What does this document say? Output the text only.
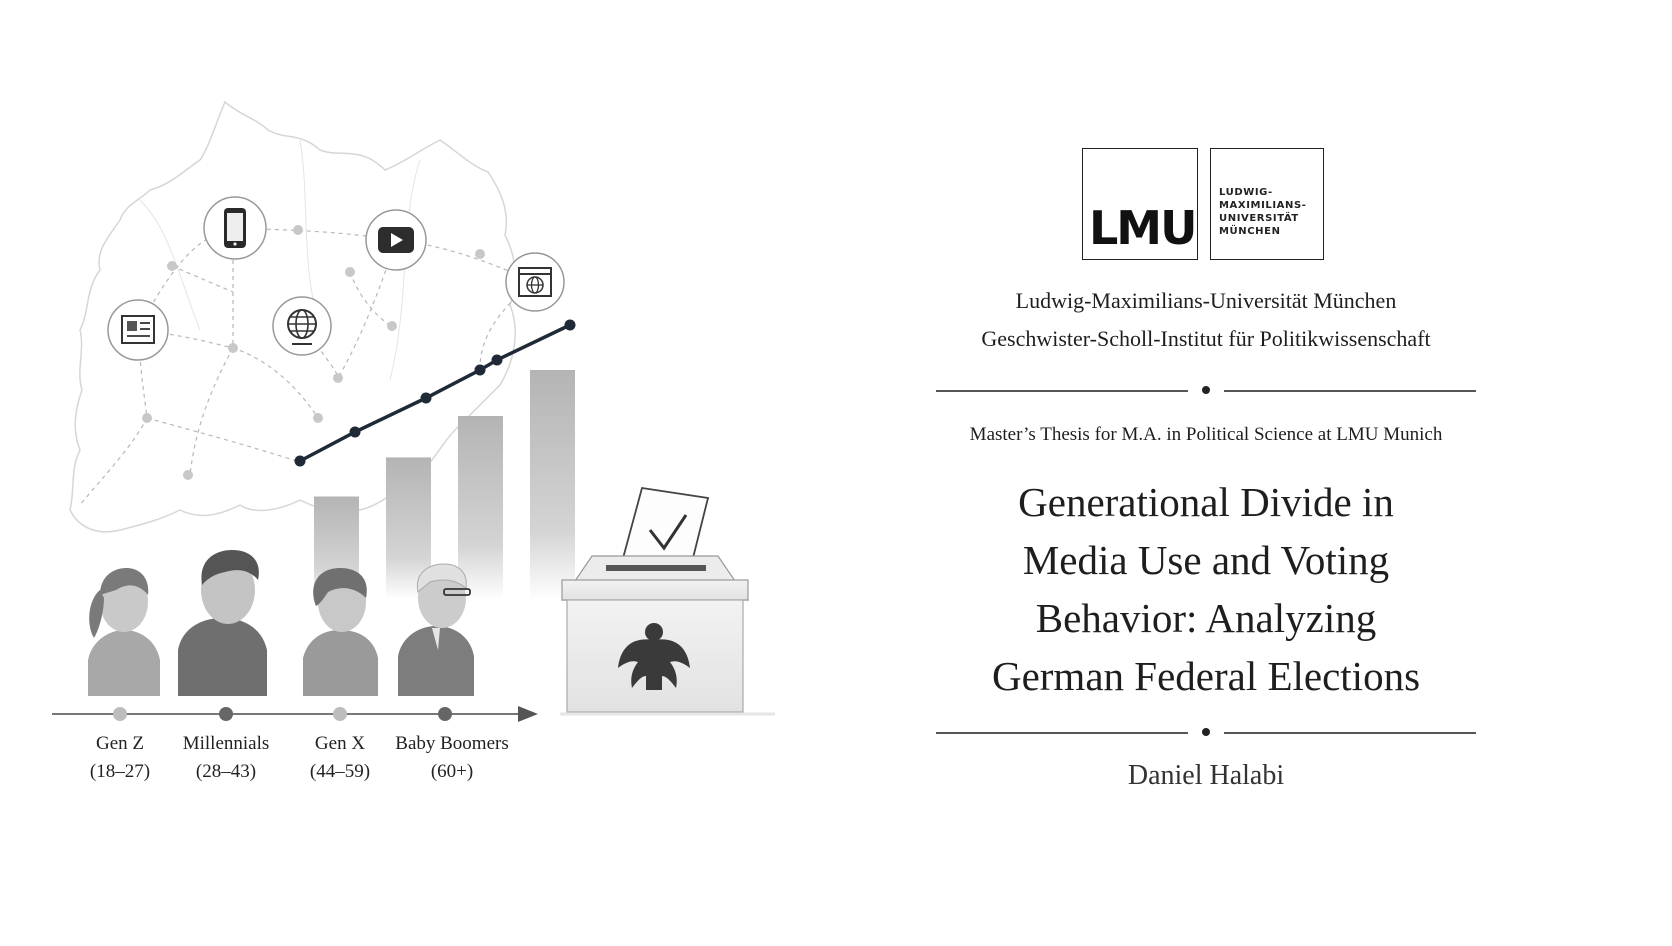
Gen Z
(18–27)
Millennials
(28–43)
Gen X
(44–59)
Baby Boomers
(60+)
LMU
LUDWIG-
MAXIMILIANS-
UNIVERSITÄT
MÜNCHEN
Ludwig-Maximilians-Universität München
Geschwister-Scholl-Institut für Politikwissenschaft
Master’s Thesis for M.A. in Political Science at LMU Munich
Generational Divide in
Media Use and Voting
Behavior: Analyzing
German Federal Elections
Daniel Halabi
